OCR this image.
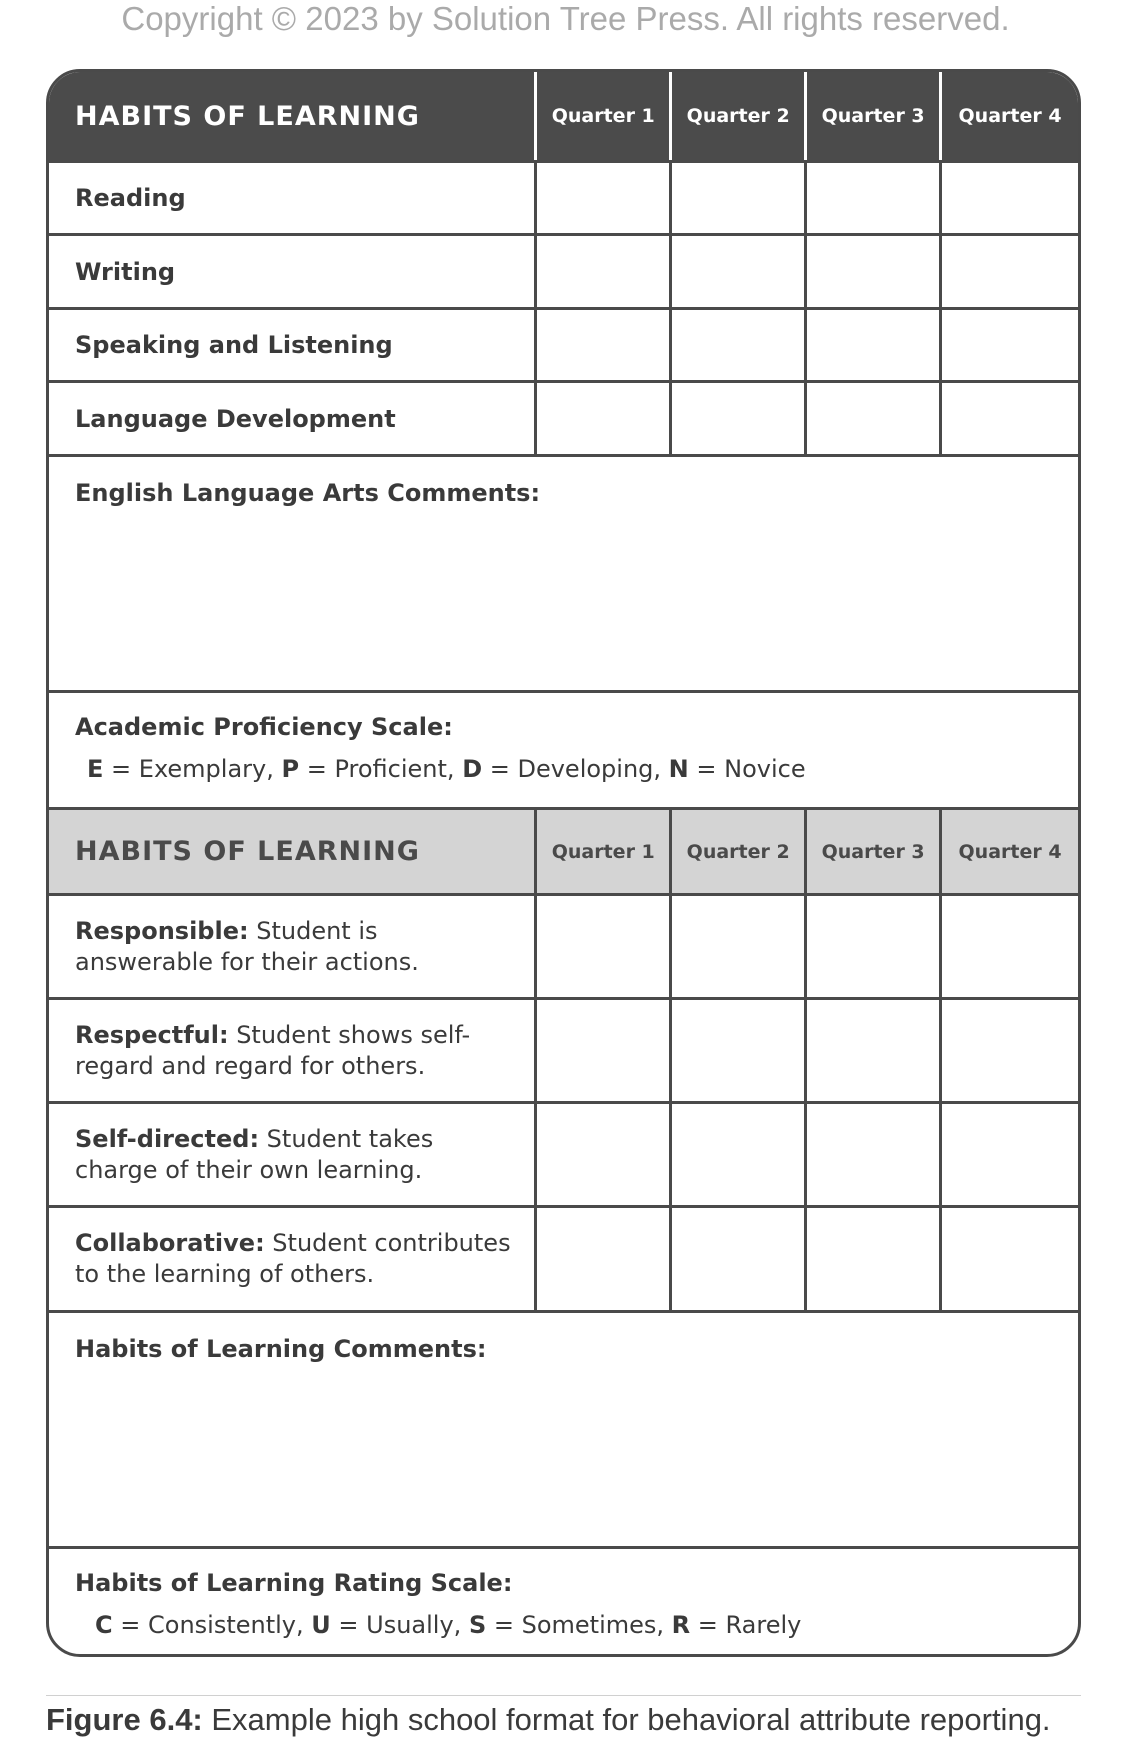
Copyright © 2023 by Solution Tree Press. All rights reserved.
HABITS OF LEARNING	Quarter 1 Quarter 2 Quarter 3 Quarter 4
Reading
Writing
Speaking and Listening
Language Development
English Language Arts Comments:
Academic Proficiency Scale:
E = Exemplary, P = Proficient, D = Developing, N = Novice
HABITS OF LEARNING	Quarter 1 Quarter 2 Quarter 3 Quarter 4
Responsible: Student is
answerable for their actions.
Respectful: Student shows self-
regard and regard for others.
Self-directed: Student takes
charge of their own learning.
Collaborative: Student contributes
to the learning of others.
Habits of Learning Comments:
Habits of Learning Rating Scale:
C = Consistently, U = Usually, S = Sometimes, R = Rarely
Figure 6.4: Example high school format for behavioral attribute reporting.
